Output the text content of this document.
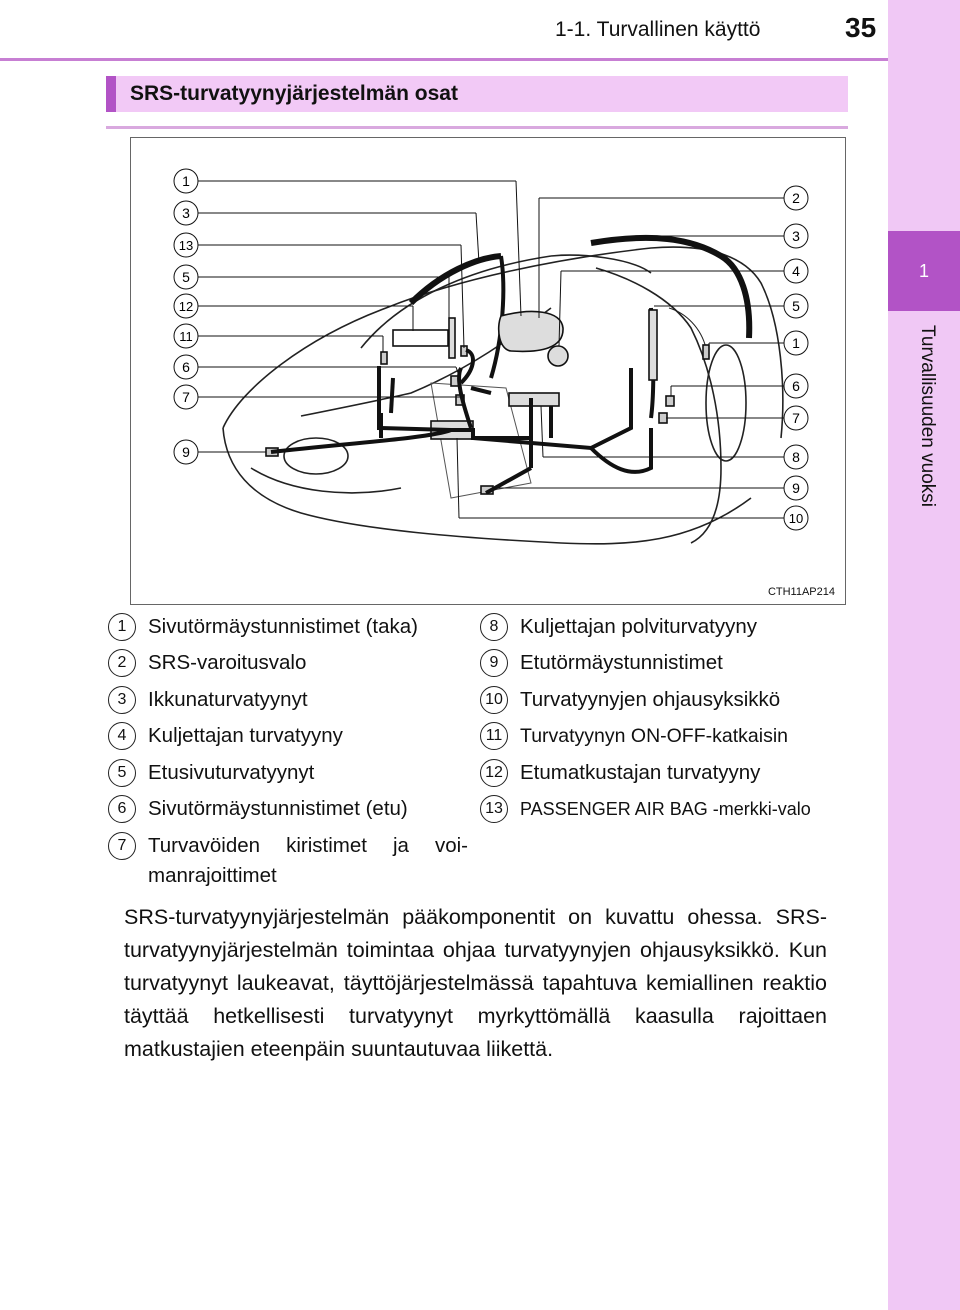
1-1. Turvallinen käyttö	35
1
Turvallisuuden vuoksi
SRS-turvatyynyjärjestelmän osat
1
3
13
5
12
11
6
7
9
2
3
4
5
1
6
7
8
9
10
CTH11AP214
1	Sivutörmäystunnistimet (taka)
2	SRS-varoitusvalo
3	Ikkunaturvatyynyt
4	Kuljettajan turvatyyny
5	Etusivuturvatyynyt
6	Sivutörmäystunnistimet (etu)
7	Turvavöiden kiristimet ja voi-manrajoittimet
8	Kuljettajan polviturvatyyny
9	Etutörmäystunnistimet
10 Turvatyynyjen ohjausyksikkö
11 Turvatyynyn ON-OFF-katkaisin
12 Etumatkustajan turvatyyny
13 PASSENGER AIR BAG -merkki-valo
SRS-turvatyynyjärjestelmän pääkomponentit on kuvattu ohessa. SRS-turvatyynyjärjestelmän toimintaa ohjaa turvatyynyjen ohjausyksikkö. Kun turvatyynyt laukeavat, täyttöjärjestelmässä tapahtuva kemiallinen reaktio täyttää hetkellisesti turvatyynyt myrkyttömällä kaasulla rajoittaen matkustajien eteenpäin suuntautuvaa liikettä.
